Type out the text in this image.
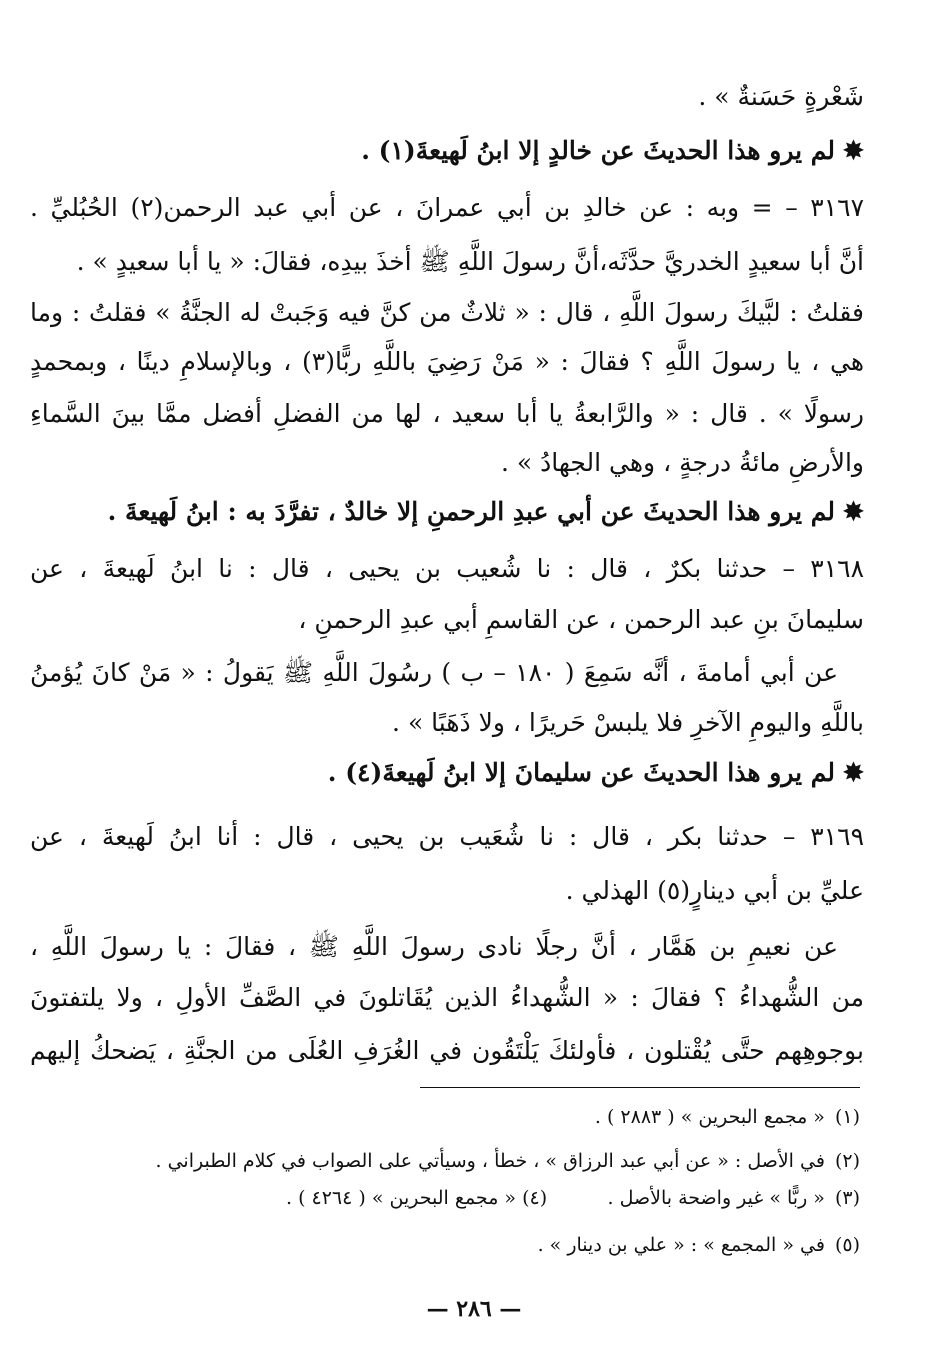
شَعْرةٍ حَسَنةٌ » .
✸لم يرو هذا الحديثَ عن خالدٍ إلا ابنُ لَهيعةَ(١) .
٣١٦٧ – = وبه : عن خالدِ بن أبي عمرانَ ، عن أبي عبد الرحمن(٢) الحُبُليِّ .
أنَّ أبا سعيدٍ الخدريَّ حدَّثَه،أنَّ رسولَ اللَّهِ ﷺ أخذَ بيدِه، فقالَ: « يا أبا سعيدٍ » .
فقلتُ : لبَّيكَ رسولَ اللَّهِ ، قال : « ثلاثٌ من كنَّ فيه وَجَبتْ له الجنَّةُ » فقلتُ : وما
هي ، يا رسولَ اللَّهِ ؟ فقالَ : « مَنْ رَضِيَ باللَّهِ ربًّا(٣) ، وبالإسلامِ دينًا ، وبمحمدٍ
رسولًا » . قال : « والرَّابعةُ يا أبا سعيد ، لها من الفضلِ أفضل ممَّا بينَ السَّماءِ
والأرضِ مائةُ درجةٍ ، وهي الجهادُ » .
✸لم يرو هذا الحديثَ عن أبي عبدِ الرحمنِ إلا خالدٌ ، تفرَّدَ به : ابنُ لَهيعةَ .
٣١٦٨ – حدثنا بكرٌ ، قال : نا شُعيب بن يحيى ، قال : نا ابنُ لَهيعةَ ، عن
سليمانَ بنِ عبد الرحمن ، عن القاسمِ أبي عبدِ الرحمنِ ،
عن أبي أمامةَ ، أنَّه سَمِعَ ( ١٨٠ – ب ) رسُولَ اللَّهِ ﷺ يَقولُ : « مَنْ كانَ يُؤمنُ
باللَّهِ واليومِ الآخرِ فلا يلبسْ حَريرًا ، ولا ذَهَبًا » .
✸لم يرو هذا الحديثَ عن سليمانَ إلا ابنُ لَهيعةَ(٤) .
٣١٦٩ – حدثنا بكر ، قال : نا شُعَيب بن يحيى ، قال : أنا ابنُ لَهيعةَ ، عن
عليِّ بن أبي دينارٍ(٥) الهذلي .
عن نعيمِ بن هَمَّار ، أنَّ رجلًا نادى رسولَ اللَّهِ ﷺ ، فقالَ : يا رسولَ اللَّهِ ،
من الشُّهداءُ ؟ فقالَ : « الشُّهداءُ الذين يُقَاتلونَ في الصَّفِّ الأولِ ، ولا يلتفتونَ
بوجوهِهم حتَّى يُقْتلون ، فأولئكَ يَلْتَقُون في الغُرَفِ العُلَى من الجنَّةِ ، يَضحكُ إليهم
(١)« مجمع البحرين » ( ٢٨٨٣ ) .
(٢)في الأصل : « عن أبي عبد الرزاق » ، خطأ ، وسيأتي على الصواب في كلام الطبراني .
(٣)« ربًّا » غير واضحة بالأصل .          (٤) « مجمع البحرين » ( ٤٢٦٤ ) .
(٥)في « المجمع » : « علي بن دينار » .
— ٢٨٦ —
